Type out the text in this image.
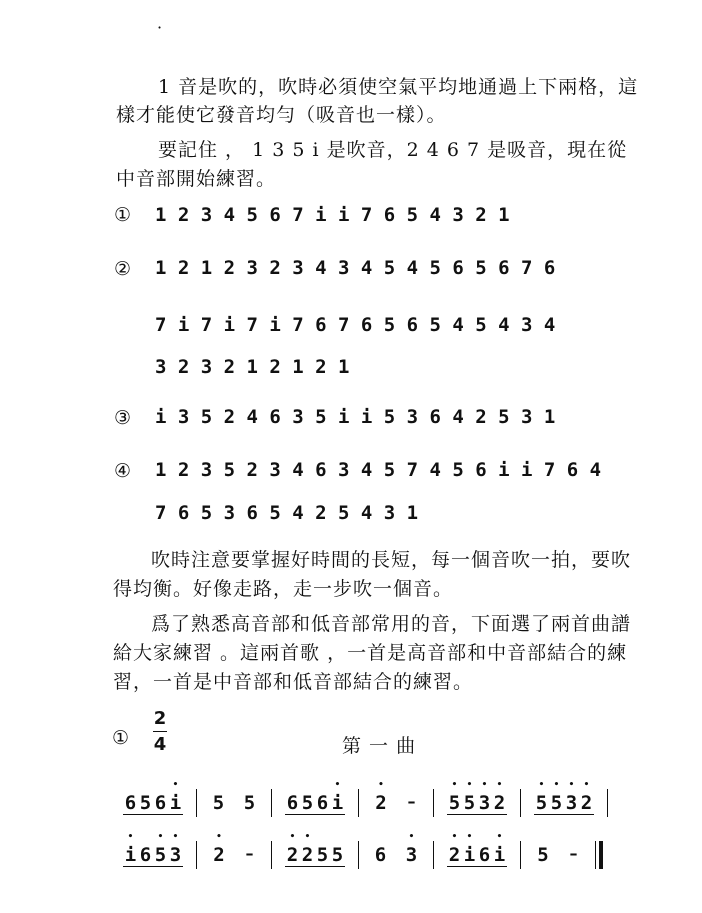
·
1 音是吹的，吹時必須使空氣平均地通過上下兩格，這
樣才能使它發音均勻（吸音也一樣）。
要記住 ， 1 3 5 i 是吹音，2 4 6 7 是吸音，現在從
中音部開始練習。
① 1 2 3 4 5 6 7 i i 7 6 5 4 3 2 1
② 1 2 1 2 3 2 3 4 3 4 5 4 5 6 5 6 7 6
7 i 7 i 7 i 7 6 7 6 5 6 5 4 5 4 3 4
3 2 3 2 1 2 1 2 1
③ i 3 5 2 4 6 3 5 i i 5 3 6 4 2 5 3 1
④ 1 2 3 5 2 3 4 6 3 4 5 7 4 5 6 i i 7 6 4
7 6 5 3 6 5 4 2 5 4 3 1
吹時注意要掌握好時間的長短，每一個音吹一拍，要吹
得均衡。好像走路，走一步吹一個音。
爲了熟悉高音部和低音部常用的音，下面選了兩首曲譜
給大家練習 。這兩首歌 ，一首是高音部和中音部結合的練
習，一首是中音部和低音部結合的練習。
①
2
4	第 一 曲
6 5 6 • i 5 5 6 5 6 • i • 2 – • 5 • 5 • 3 • 2 • 5 • 5 • 3 • 2
• i 6 • 5 • 3 • 2 – • 2 • 2 5 5 6 • 3 • 2 • i 6 • i 5 –
